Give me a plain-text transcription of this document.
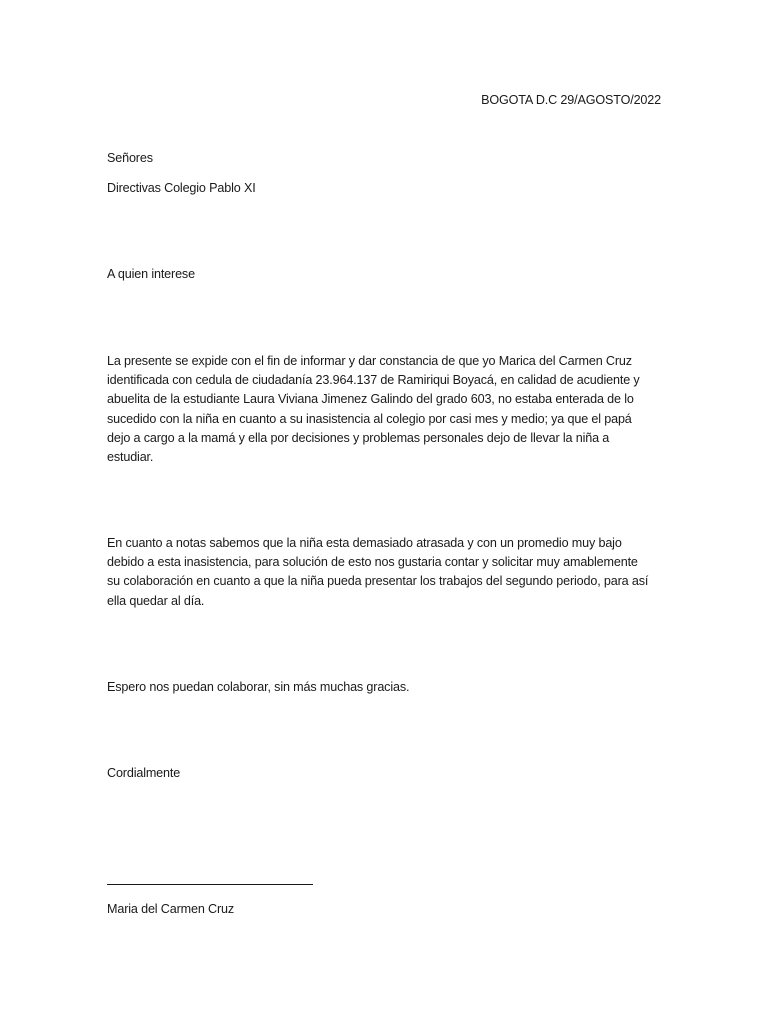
BOGOTA D.C 29/AGOSTO/2022
Señores
Directivas Colegio Pablo XI
A quien interese
La presente se expide con el fin de informar y dar constancia de que yo Marica del Carmen Cruz
identificada con cedula de ciudadanía 23.964.137 de Ramiriqui Boyacá, en calidad de acudiente y
abuelita de la estudiante Laura Viviana Jimenez Galindo del grado 603, no estaba enterada de lo
sucedido con la niña en cuanto a su inasistencia al colegio por casi mes y medio; ya que el papá
dejo a cargo a la mamá y ella por decisiones y problemas personales dejo de llevar la niña a
estudiar.
En cuanto a notas sabemos que la niña esta demasiado atrasada y con un promedio muy bajo
debido a esta inasistencia, para solución de esto nos gustaria contar y solicitar muy amablemente
su colaboración en cuanto a que la niña pueda presentar los trabajos del segundo periodo, para así
ella quedar al día.
Espero nos puedan colaborar, sin más muchas gracias.
Cordialmente
Maria del Carmen Cruz
